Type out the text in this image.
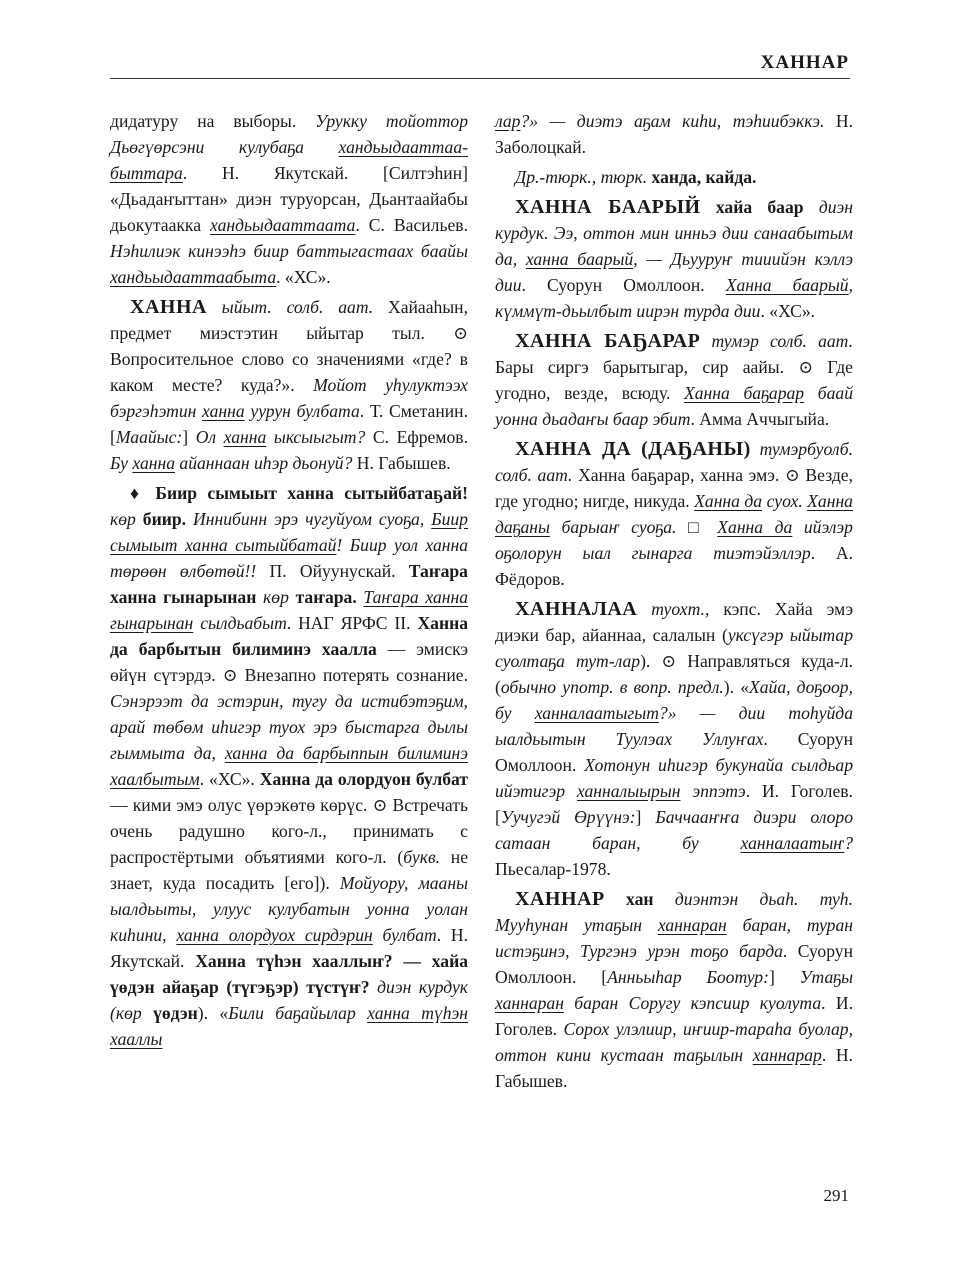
ХАННАР

дидатуру на выборы. Урукку тойоттор Дьөгүөрсэни кулубаҕа хандьыдааттаабыттара. Н. Якутскай. [Силтэһин] «Дьадаҥыттан» диэн туруорсан, Дьантаайабы дьокутаакка хандьыдааттаата. С. Васильев. Нэһилиэк кинээһэ биир баттыгастаах баайы хандьыдааттаабыта. «ХС».

ХАННА ыйыт. солб. аат. Хайааһын, предмет миэстэтин ыйытар тыл. ⊙ Вопросительное слово со значениями «где? в каком месте? куда?». Мойот уһулуктээх бэргэһэтин ханна уурун булбата. Т. Сметанин. [Маайыс:] Ол ханна ыксыыгыт? С. Ефремов. Бу ханна айаннаан иһэр дьонуй? Н. Габышев.

♦ Биир сымыыт ханна сытыйбатаҕай! көр биир. Иннибинн эрэ чугуйуом суоҕа, Биир сымыыт ханна сытыйбатай! Биир уол ханна төрөөн өлбөтөй!! П. Ойуунускай. Таҥара ханна гынарынан көр таҥара. Таҥара ханна гынарынан сылдьабыт. НАГ ЯРФС II. Ханна да барбытын билиминэ хаалла — эмискэ өйүн сүтэрдэ. ⊙ Внезапно потерять сознание. Сэнэрээт да эстэрин, тугу да истибэтэҕим, арай төбөм иһигэр туох эрэ быстарга дылы гыммыта да, ханна да барбыппын билиминэ хаалбытым. «ХС». Ханна да олордуон булбат — кими эмэ олус үөрэкөтө көрүс. ⊙ Встречать очень радушно кого-л., принимать с распростёртыми объятиями кого-л. (букв. не знает, куда посадить [его]). Мойуору, мааны ыалдьыты, улуус кулубатын уонна уолан киһини, ханна олордуох сирдэрин булбат. Н. Якутскай. Ханна түһэн хааллыҥ? — хайа үөдэн айаҕар (түгэҕэр) түстүҥ? диэн курдук (көр үөдэн). «Били баҕайылар ханна түһэн хааллы

лар?» — диэтэ аҕам киһи, тэһиибэккэ. Н. Заболоцкай.

Др.-тюрк., тюрк. ханда, кайда.

ХАННА БААРЫЙ хайа баар диэн курдук. Ээ, оттон мин инньэ дии санаабытым да, ханна баарый, — Дьууруҥ тииийэн кэллэ дии. Суорун Омоллоон. Ханна баарый, күммүт-дьылбыт иирэн турда дии. «ХС».

ХАННА БАҔАРАР тумэр солб. аат. Бары сиргэ барытыгар, сир аайы. ⊙ Где угодно, везде, всюду. Ханна баҕарар баай уонна дьадаҥы баар эбит. Амма Аччыгыйа.

ХАННА ДА (ДАҔАНЫ) тумэрбуолб. солб. аат. Ханна баҕарар, ханна эмэ. ⊙ Везде, где угодно; нигде, никуда. Ханна да суох. Ханна даҕаны барыаҥ суоҕа. □ Ханна да ийэлэр оҕолорун ыал гынарга тиэтэйэллэр. А. Фёдоров.

ХАННАЛАА туохт., кэпс. Хайа эмэ диэки бар, айаннаа, салалын (уксүгэр ыйытар суолтаҕа тут-лар). ⊙ Направляться куда-л. (обычно употр. в вопр. предл.). «Хайа, доҕоор, бу ханналаатыгыт?» — дии тоһуйда ыалдьытын Туулэах Уллуҥах. Суорун Омоллоон. Хотонун иһигэр букунайа сылдьар ийэтигэр ханналыырын эппэтэ. И. Гоголев. [Уучугэй Өрүүнэ:] Баччааҥҥа диэри олоро сатаан баран, бу ханналаатыҥ? Пьесалар-1978.

ХАННАР хан диэнтэн дьаһ. туһ. Мууһунан утаҕын ханнаран баран, туран истэҕинэ, Тургэнэ урэн тоҕо барда. Суорун Омоллоон. [Анньыһар Боотур:] Утаҕы ханнаран баран Соругу кэпсиир куолута. И. Гоголев. Сорох улэлиир, иҥиир-тараһа буолар, оттон кини кустаан таҕылын ханнарар. Н. Габышев.

291
